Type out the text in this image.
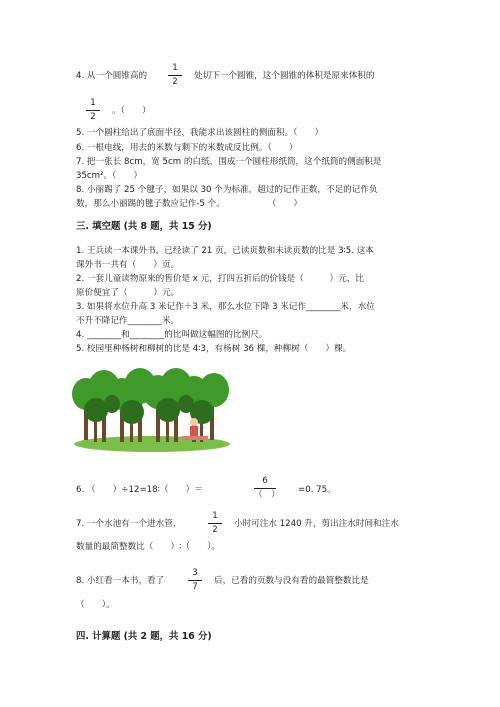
4. 从一个圆锥高的
1
2
处切下一个圆锥，这个圆锥的体积是原来体积的
1
2
。（　　）
5. 一个圆柱给出了底面半径，我能求出该圆柱的侧面积。（　　）
6. 一根电线，用去的米数与剩下的米数成反比例。（　　）
7. 把一张长 8cm，宽 5cm 的白纸，围成一个圆柱形纸筒，这个纸筒的侧面积是
35cm²。（　　）
8. 小丽踢了 25 个毽子，如果以 30 个为标准，超过的记作正数，不足的记作负
数，那么小丽踢的毽子数应记作-5 个。　　　　　　（　　）
三. 填空题 (共 8 题，共 15 分)
1. 王兵读一本课外书，已经读了 21 页，已读页数和未读页数的比是 3∶5. 这本
课外书一共有（　　）页。
2. 一套儿童读物原来的售价是 x 元，打四五折后的价钱是（　　　）元，比
原价便宜了（　　　）元。
3. 如果将水位升高 3 米记作＋3 米，那么水位下降 3 米记作________米，水位
不升不降记作________米。
4. ________和________的比叫做这幅图的比例尺。
5. 校园里种杨树和柳树的比是 4∶3，有杨树 36 棵，种柳树（　　）棵。
6. （　　）÷12=18∶（　　）＝
6
（　） =0. 75。
7. 一个水池有一个进水管，
1
2
小时可注水 1240 升，剪出注水时间和注水
数量的最简整数比（　　）∶（　　）。
8. 小红看一本书，看了
3
7
后，已看的页数与没有看的最简整数比是
（　　）。
四. 计算题 (共 2 题，共 16 分)
